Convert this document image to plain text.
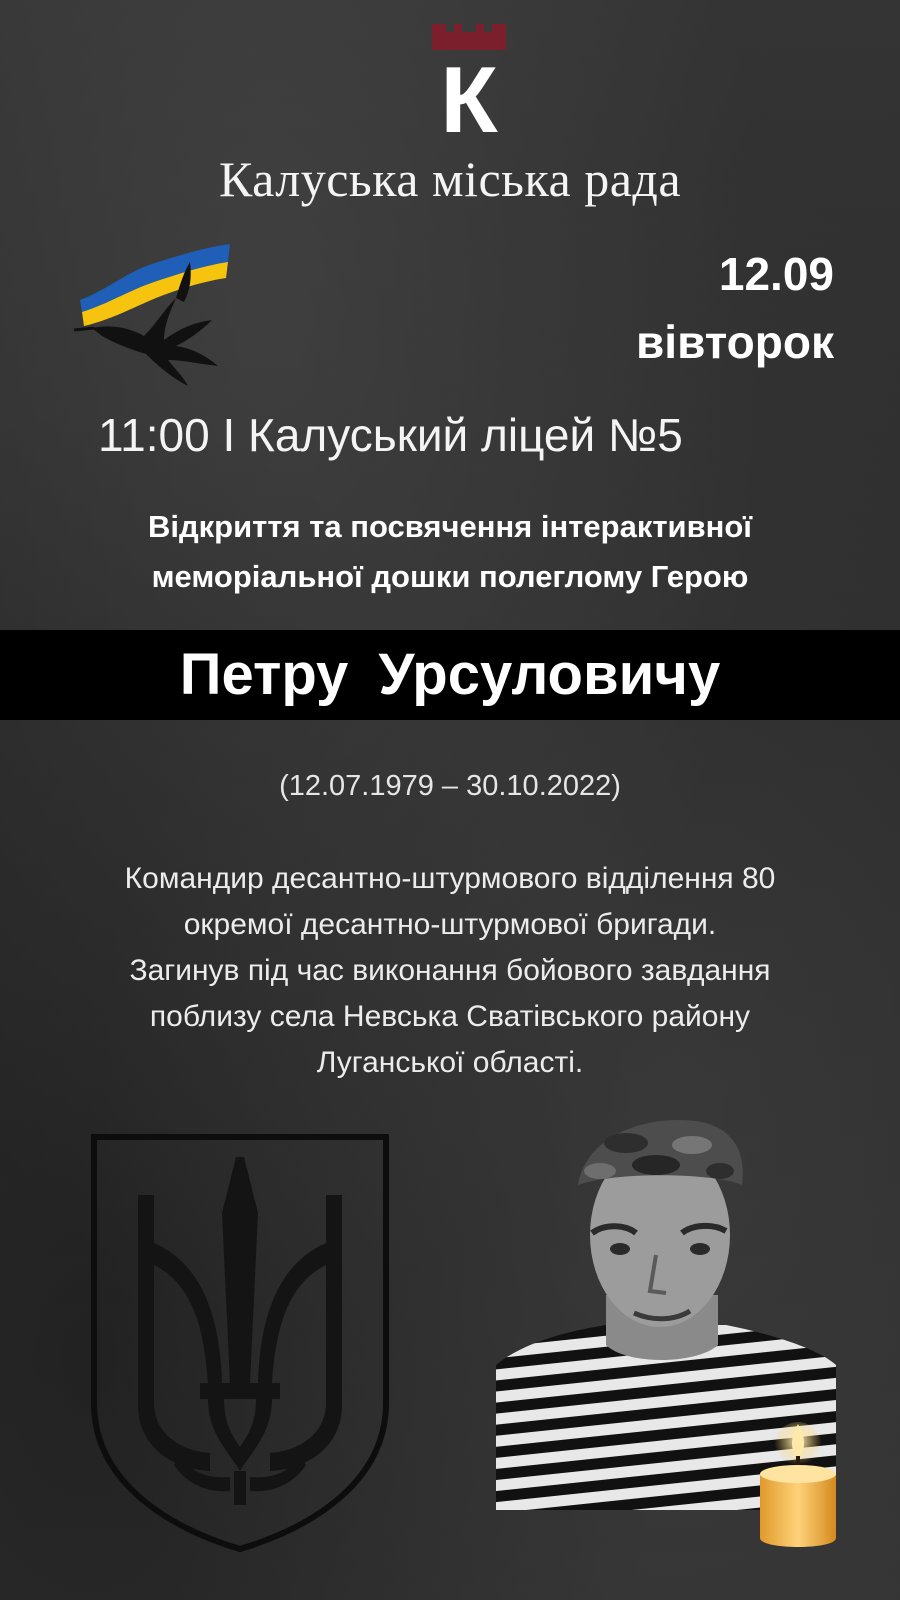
К
Калуська міська рада
12.09
вівторок
11:00 I Калуський ліцей №5
Відкриття та посвячення інтерактивної
меморіальної дошки полеглому Герою
Петру Урсуловичу
(12.07.1979 – 30.10.2022)
Командир десантно-штурмового відділення 80
окремої десантно-штурмової бригади.
Загинув під час виконання бойового завдання
поблизу села Невська Сватівського району
Луганської області.
